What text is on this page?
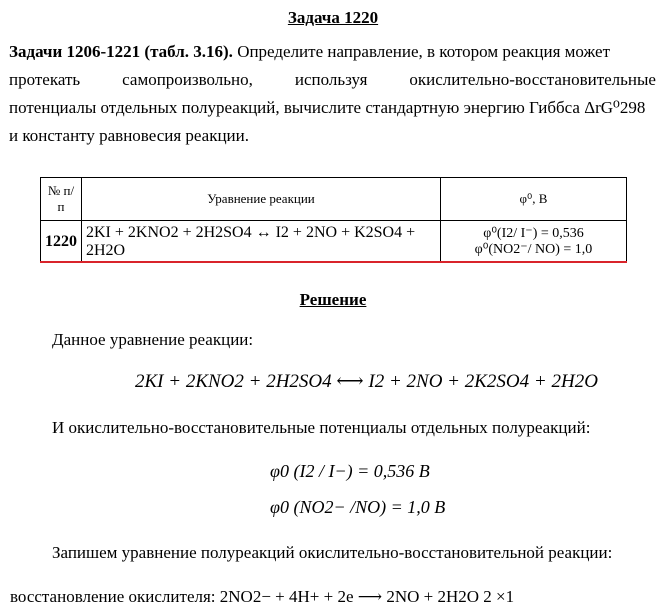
Задача 1220
Задачи 1206-1221 (табл. 3.16). Определите направление, в котором реакция может
протекать самопроизвольно, используя окислительно-восстановительные
потенциалы отдельных полуреакций, вычислите стандартную энергию Гиббса ΔrG⁰298
и константу равновесия реакции.
№ п/п	Уравнение реакции	φ⁰, В
1220	2KI + 2KNO2 + 2H2SO4 ↔ I2 + 2NO + K2SO4 + 2H2O	φ⁰(I2/ I⁻) = 0,536
φ⁰(NO2⁻/ NO) = 1,0
Решение
Данное уравнение реакции:
2KI + 2KNO2 + 2H2SO4 ⟷ I2 + 2NO + 2K2SO4 + 2H2O
И окислительно-восстановительные потенциалы отдельных полуреакций:
φ0 (I2 / I−) = 0,536 В
φ0 (NO2− /NO) = 1,0 В
Запишем уравнение полуреакций окислительно-восстановительной реакции:
восстановление окислителя: 2NO2− + 4H+ + 2e ⟶ 2NO + 2H2O 2 ×1
